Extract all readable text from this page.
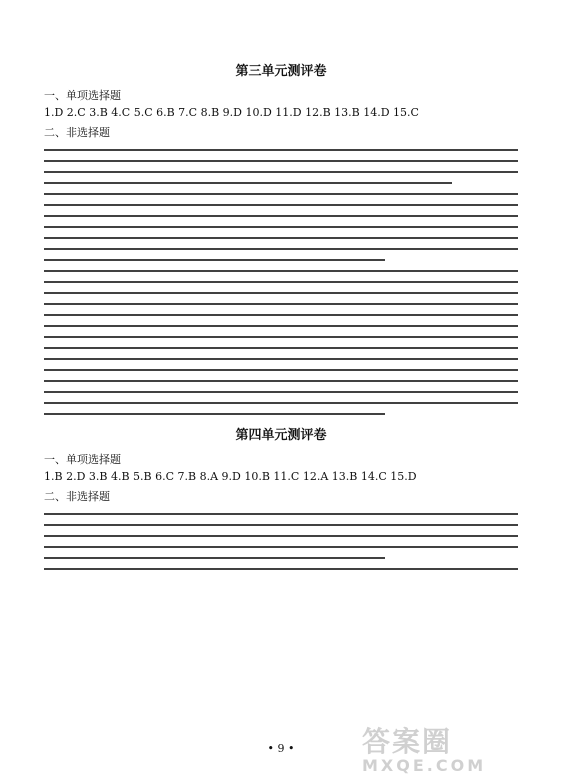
第三单元测评卷
一、单项选择题
1.D 2.C 3.B 4.C 5.C 6.B 7.C 8.B 9.D 10.D 11.D 12.B 13.B 14.D 15.C
二、非选择题
第四单元测评卷
一、单项选择题
1.B 2.D 3.B 4.B 5.B 6.C 7.B 8.A 9.D 10.B 11.C 12.A 13.B 14.C 15.D
二、非选择题
• 9 •	答案圈
MXQE.COM
